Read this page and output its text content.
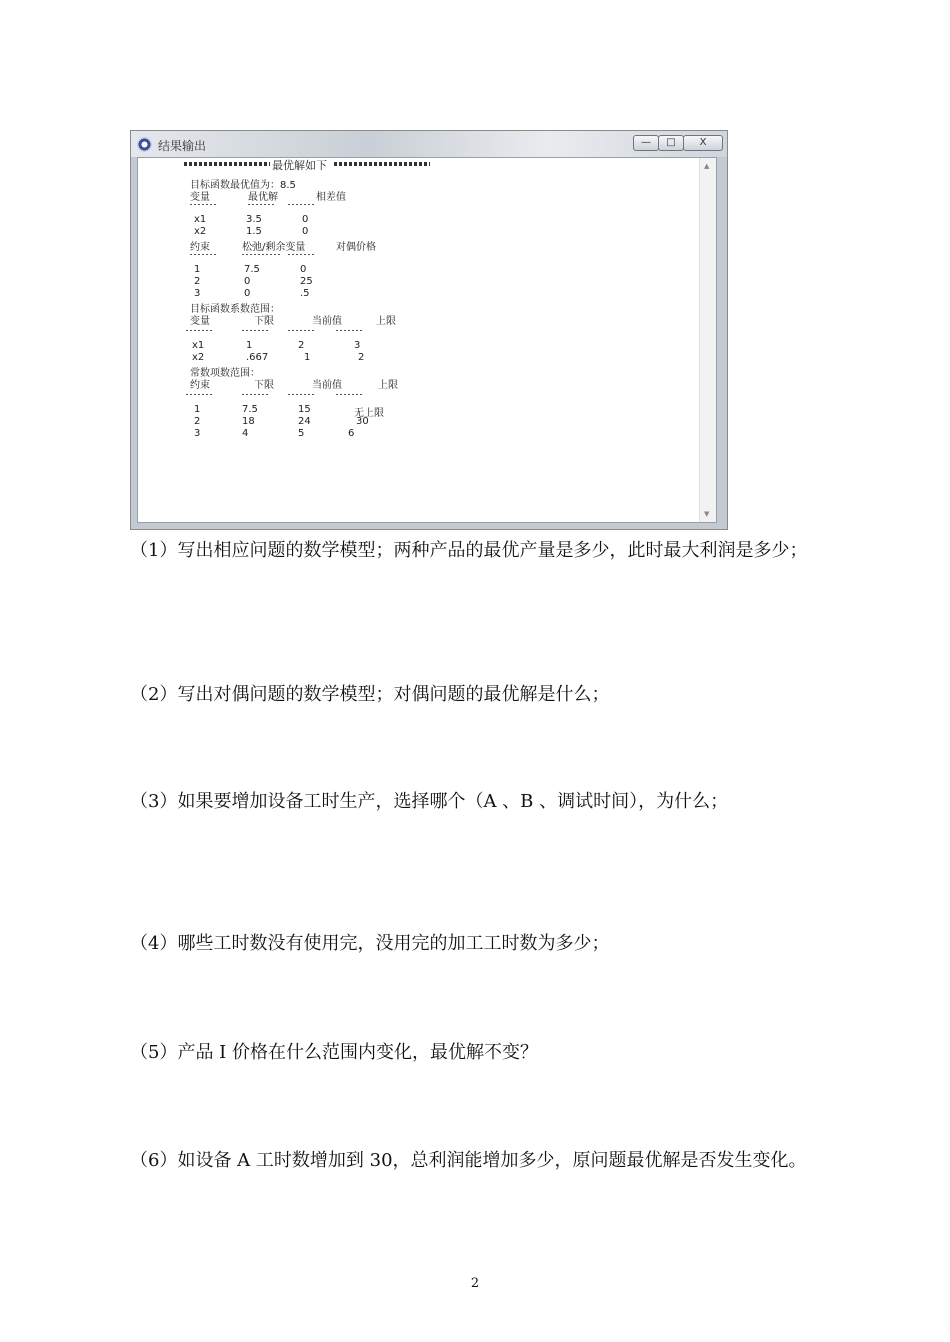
结果输出	—	□	X
最优解如下
目标函数最优值为：8.5
变量	最优解	相差值
x1	3.5	0
x2	1.5	0
约束	松弛/剩余变量	对偶价格
1	7.5	0
2	0	25
3	0	.5
目标函数系数范围：
变量	下限	当前值	上限
x1	1	2	3
x2	.667	1	2
常数项数范围：
约束	下限	当前值	上限
1	7.5	15	无上限
2	18	24	30
3	4	5	6
▲
▼

（1）写出相应问题的数学模型；两种产品的最优产量是多少，此时最大利润是多少；

（2）写出对偶问题的数学模型；对偶问题的最优解是什么；

（3）如果要增加设备工时生产，选择哪个（A 、B 、调试时间），为什么；

（4）哪些工时数没有使用完，没用完的加工工时数为多少；

（5）产品 I 价格在什么范围内变化，最优解不变？

（6）如设备 A 工时数增加到 30，总利润能增加多少，原问题最优解是否发生变化。

2
